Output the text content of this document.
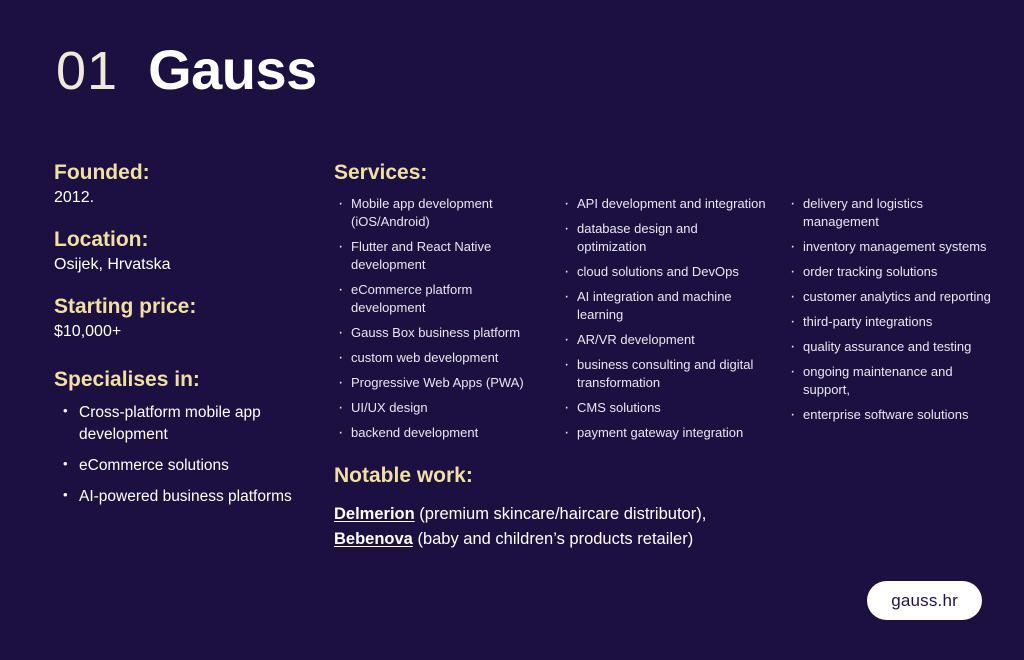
01 Gauss

Founded:

2012.

Location:

Osijek, Hrvatska

Starting price:

$10,000+

Specialises in:

• Cross-platform mobile app development
• eCommerce solutions
• AI-powered business platforms

Services:

· Mobile app development (iOS/Android)
· Flutter and React Native development
· eCommerce platform development
· Gauss Box business platform
· custom web development
· Progressive Web Apps (PWA)
· UI/UX design
· backend development
· API development and integration
· database design and optimization
· cloud solutions and DevOps
· AI integration and machine learning
· AR/VR development
· business consulting and digital transformation
· CMS solutions
· payment gateway integration
· delivery and logistics management
· inventory management systems
· order tracking solutions
· customer analytics and reporting
· third-party integrations
· quality assurance and testing
· ongoing maintenance and support,
· enterprise software solutions

Notable work:

Delmerion (premium skincare/haircare distributor),

Bebenova (baby and children’s products retailer)

gauss.hr
